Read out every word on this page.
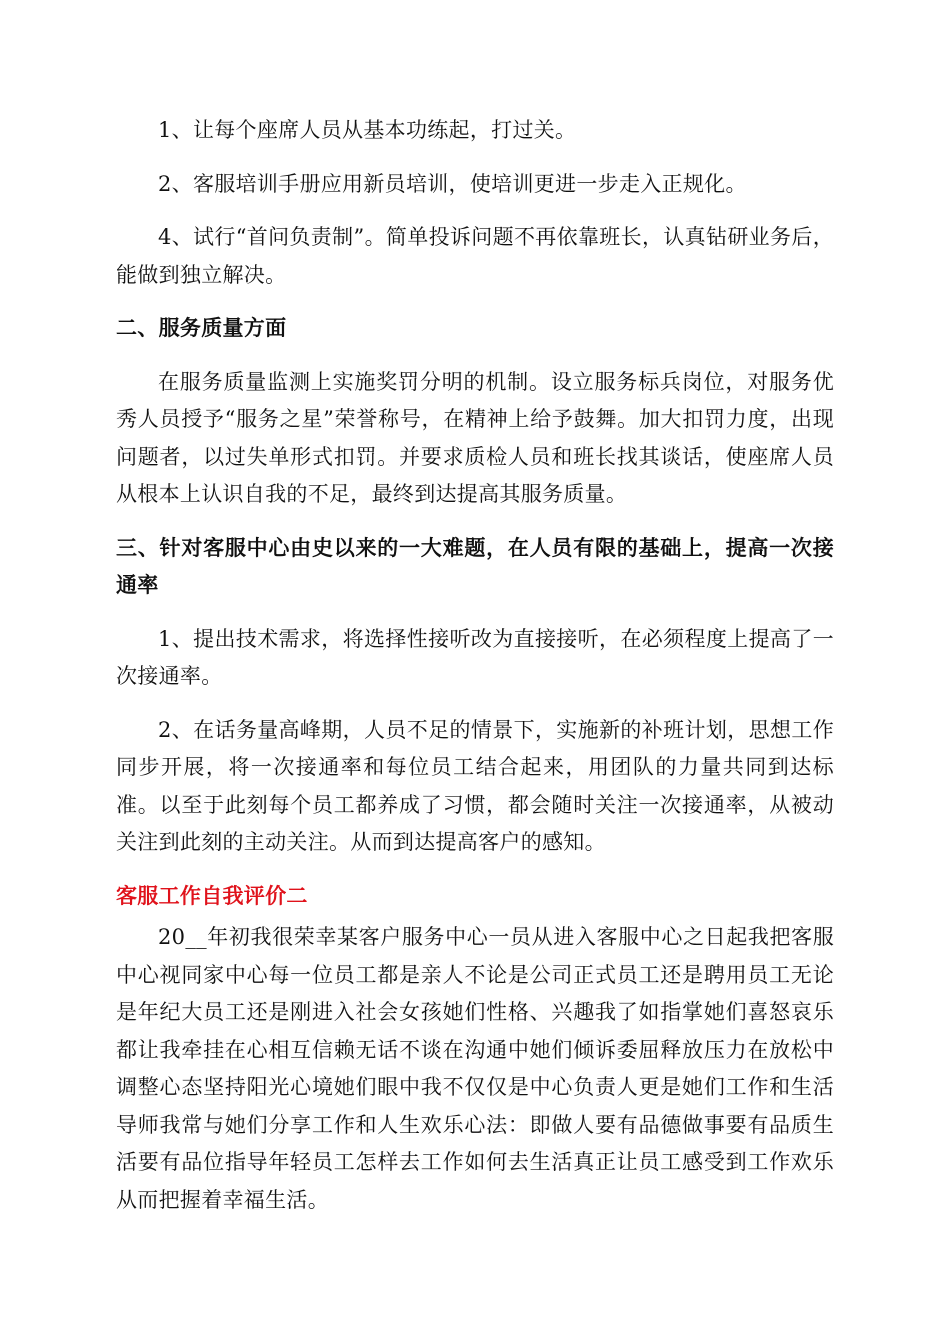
1、让每个座席人员从基本功练起，打过关。

2、客服培训手册应用新员培训，使培训更进一步走入正规化。

4、试行“首问负责制”。简单投诉问题不再依靠班长，认真钻研业务后，能做到独立解决。

二、服务质量方面

在服务质量监测上实施奖罚分明的机制。设立服务标兵岗位，对服务优秀人员授予“服务之星”荣誉称号，在精神上给予鼓舞。加大扣罚力度，出现问题者，以过失单形式扣罚。并要求质检人员和班长找其谈话，使座席人员从根本上认识自我的不足，最终到达提高其服务质量。

三、针对客服中心由史以来的一大难题，在人员有限的基础上，提高一次接通率

1、提出技术需求，将选择性接听改为直接接听，在必须程度上提高了一次接通率。

2、在话务量高峰期，人员不足的情景下，实施新的补班计划，思想工作同步开展，将一次接通率和每位员工结合起来，用团队的力量共同到达标准。以至于此刻每个员工都养成了习惯，都会随时关注一次接通率，从被动关注到此刻的主动关注。从而到达提高客户的感知。

客服工作自我评价二

20__年初我很荣幸某客户服务中心一员从进入客服中心之日起我把客服中心视同家中心每一位员工都是亲人不论是公司正式员工还是聘用员工无论是年纪大员工还是刚进入社会女孩她们性格、兴趣我了如指掌她们喜怒哀乐都让我牵挂在心相互信赖无话不谈在沟通中她们倾诉委屈释放压力在放松中调整心态坚持阳光心境她们眼中我不仅仅是中心负责人更是她们工作和生活导师我常与她们分享工作和人生欢乐心法：即做人要有品德做事要有品质生活要有品位指导年轻员工怎样去工作如何去生活真正让员工感受到工作欢乐从而把握着幸福生活。
